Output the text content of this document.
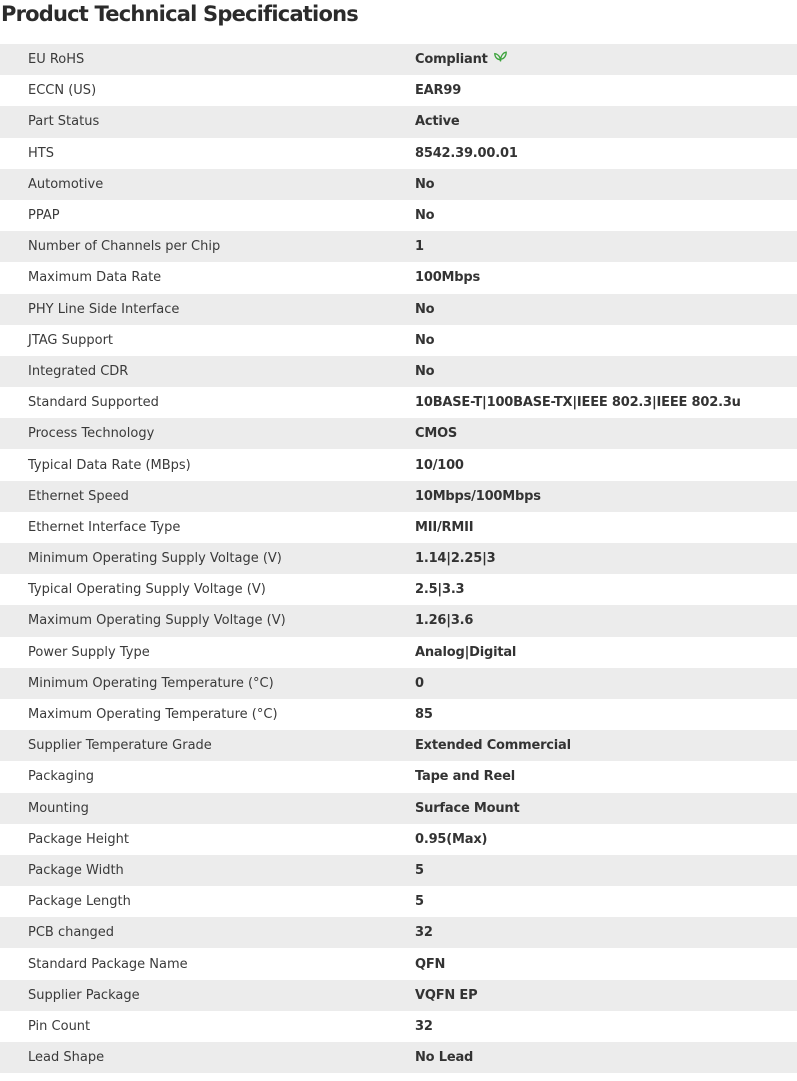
Product Technical Specifications
EU RoHS	Compliant
ECCN (US)	EAR99
Part Status	Active
HTS	8542.39.00.01
Automotive	No
PPAP	No
Number of Channels per Chip	1
Maximum Data Rate	100Mbps
PHY Line Side Interface	No
JTAG Support	No
Integrated CDR	No
Standard Supported	10BASE-T|100BASE-TX|IEEE 802.3|IEEE 802.3u
Process Technology	CMOS
Typical Data Rate (MBps)	10/100
Ethernet Speed	10Mbps/100Mbps
Ethernet Interface Type	MII/RMII
Minimum Operating Supply Voltage (V)	1.14|2.25|3
Typical Operating Supply Voltage (V)	2.5|3.3
Maximum Operating Supply Voltage (V)	1.26|3.6
Power Supply Type	Analog|Digital
Minimum Operating Temperature (°C)	0
Maximum Operating Temperature (°C)	85
Supplier Temperature Grade	Extended Commercial
Packaging	Tape and Reel
Mounting	Surface Mount
Package Height	0.95(Max)
Package Width	5
Package Length	5
PCB changed	32
Standard Package Name	QFN
Supplier Package	VQFN EP
Pin Count	32
Lead Shape	No Lead
